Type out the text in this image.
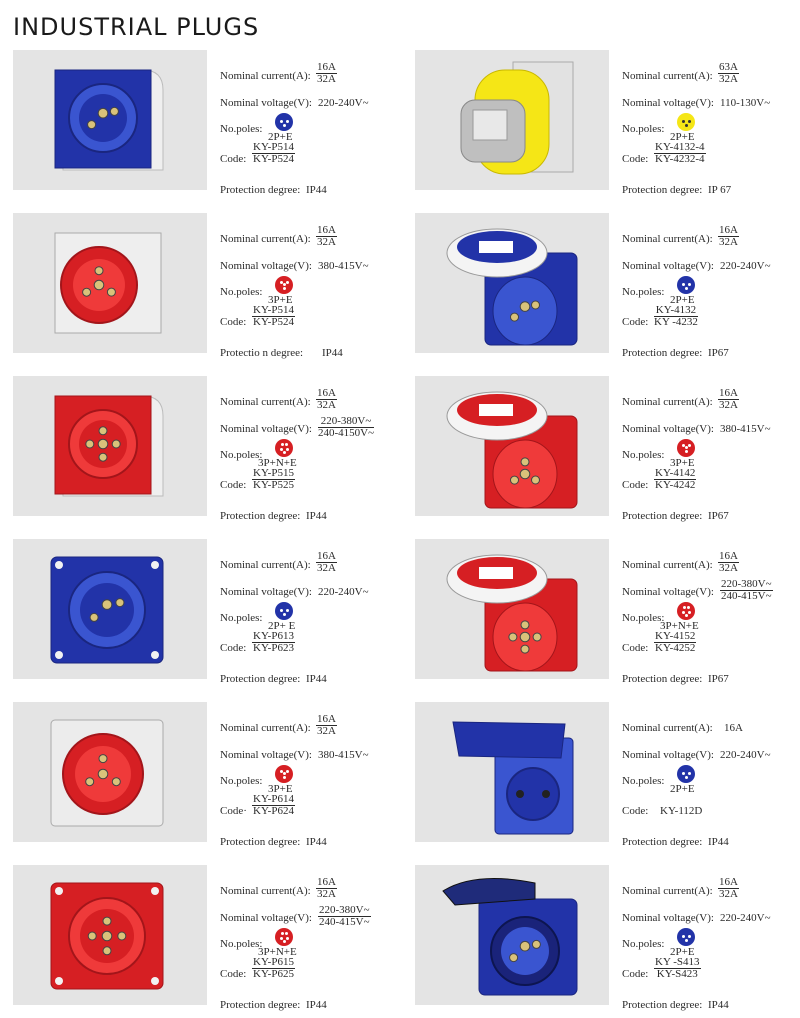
INDUSTRIAL PLUGS
Nominal current(A): $\frac{16A}{32A}$
Nominal voltage(V): 220-240V~
No.poles:
2P+E
Code: $\frac{KY-P514}{KY-P524}$
Protection degree: IP44
Nominal current(A): $\frac{63A}{32A}$
Nominal voltage(V): 110-130V~
No.poles:
2P+E
Code: $\frac{KY-4132-4}{KY-4232-4}$
Protection degree: IP 67
Nominal current(A): $\frac{16A}{32A}$
Nominal voltage(V): 380-415V~
No.poles:
3P+E
Code: $\frac{KY-P514}{KY-P524}$
Protectio n degree: IP44
Nominal current(A): $\frac{16A}{32A}$
Nominal voltage(V): 220-240V~
No.poles:
2P+E
Code: $\frac{KY-4132}{KY -4232}$
Protection degree: IP67
Nominal current(A): $\frac{16A}{32A}$
Nominal voltage(V): $\frac{220-380V\sim}{240-4150V\sim}$
No.poles:
3P+N+E
Code: $\frac{KY-P515}{KY-P525}$
Protection degree: IP44
Nominal current(A): $\frac{16A}{32A}$
Nominal voltage(V): 380-415V~
No.poles:
3P+E
Code: $\frac{KY-4142}{KY-4242}$
Protection degree: IP67
Nominal current(A): $\frac{16A}{32A}$
Nominal voltage(V): 220-240V~
No.poles:
2P+ E
Code: $\frac{KY-P613}{KY-P623}$
Protection degree: IP44
Nominal current(A): $\frac{16A}{32A}$
Nominal voltage(V): $\frac{220-380V\sim}{240-415V\sim}$
No.poles:
3P+N+E
Code: $\frac{KY-4152}{KY-4252}$
Protection degree: IP67
Nominal current(A): $\frac{16A}{32A}$
Nominal voltage(V): 380-415V~
No.poles:
3P+E
Code· $\frac{KY-P614}{KY-P624}$
Protection degree: IP44
Nominal current(A): 16A
Nominal voltage(V): 220-240V~
No.poles:
2P+E
Code: KY-112D
Protection degree: IP44
Nominal current(A): $\frac{16A}{32A}$
Nominal voltage(V): $\frac{220-380V\sim}{240-415V\sim}$
No.poles:
3P+N+E
Code: $\frac{KY-P615}{KY-P625}$
Protection degree: IP44
Nominal current(A): $\frac{16A}{32A}$
Nominal voltage(V): 220-240V~
No.poles:
2P+E
Code: $\frac{KY -S413}{KY-S423}$
Protection degree: IP44
